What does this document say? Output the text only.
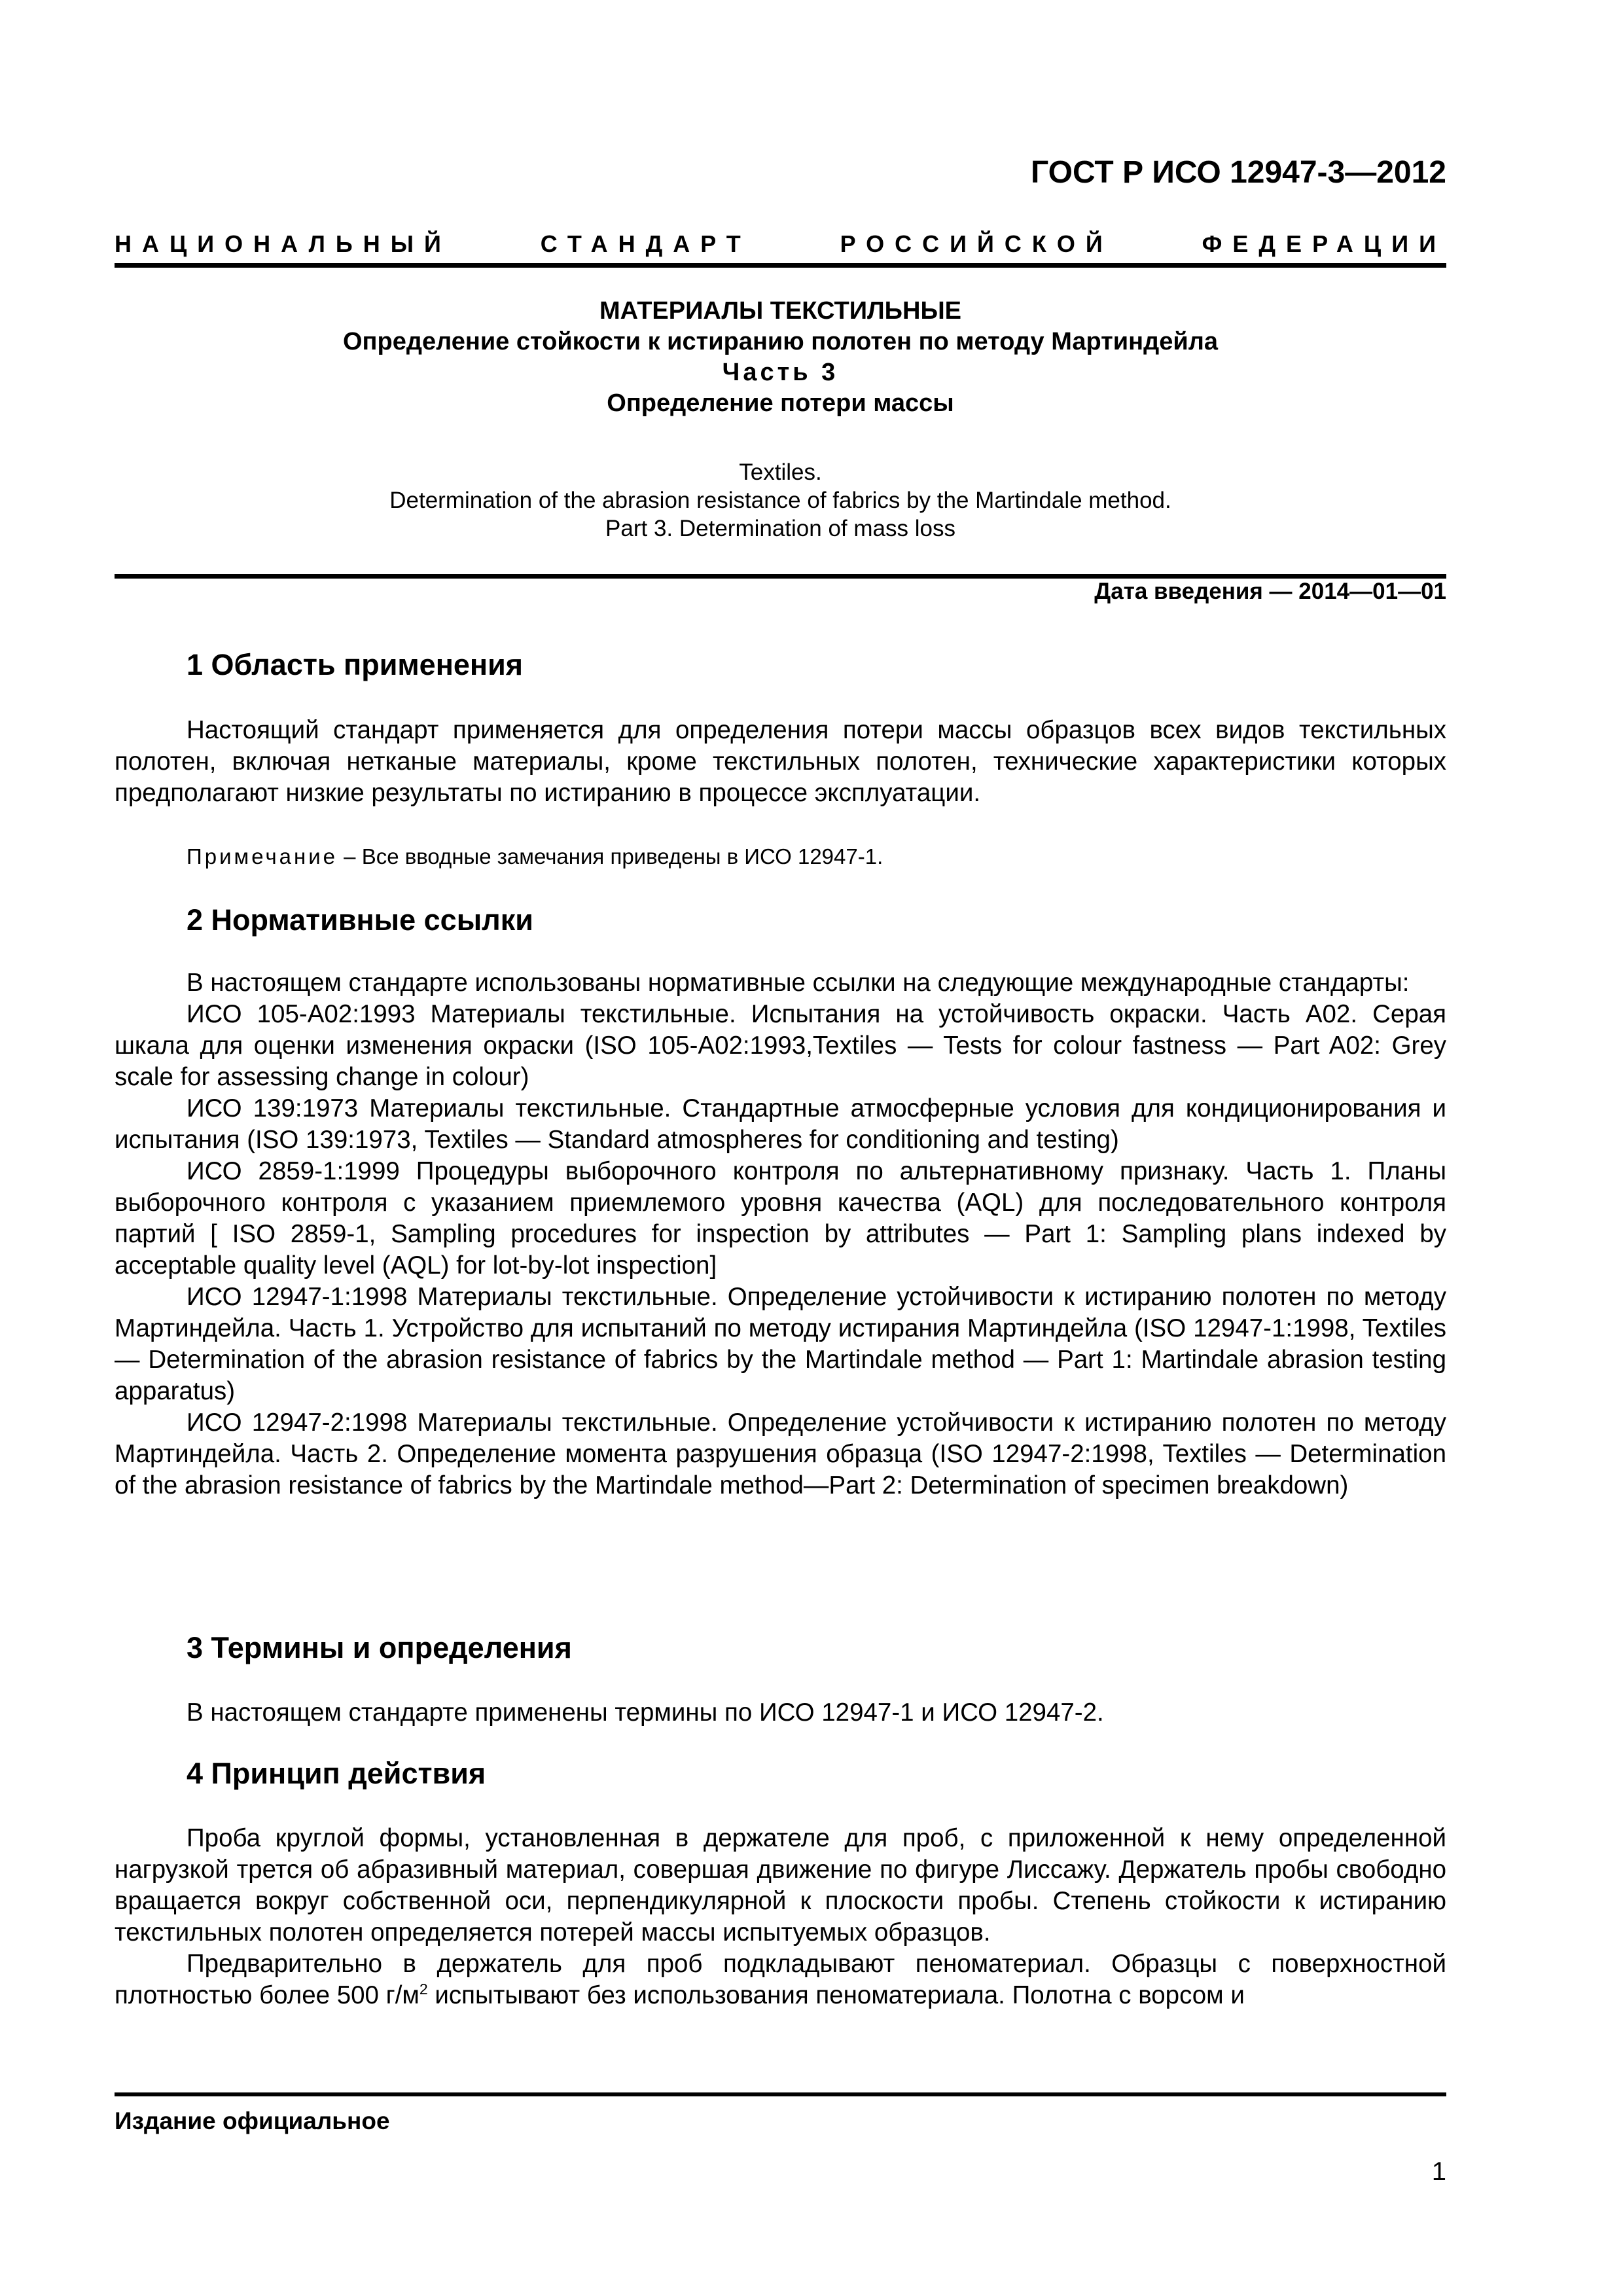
ГОСТ Р ИСО 12947-3—2012
НАЦИОНАЛЬНЫЙ	СТАНДАРТ	РОССИЙСКОЙ	ФЕДЕРАЦИИ
МАТЕРИАЛЫ ТЕКСТИЛЬНЫЕ
Определение стойкости к истиранию полотен по методу Мартиндейла
Часть 3
Определение потери массы
Textiles.
Determination of the abrasion resistance of fabrics by the Martindale method.
Part 3. Determination of mass loss
Дата введения — 2014—01—01
1 Область применения
Настоящий стандарт применяется для определения потери массы образцов всех видов текстильных полотен, включая нетканые материалы, кроме текстильных полотен, технические характеристики которых предполагают низкие результаты по истиранию в процессе эксплуатации.
Примечание – Все вводные замечания приведены в ИСО 12947-1.
2 Нормативные ссылки
В настоящем стандарте использованы нормативные ссылки на следующие международные стандарты:
ИСО 105-А02:1993 Материалы текстильные. Испытания на устойчивость окраски. Часть А02. Серая шкала для оценки изменения окраски (ISO 105-A02:1993,Textiles — Tests for colour fastness — Part A02: Grey scale for assessing change in colour)
ИСО 139:1973 Материалы текстильные. Стандартные атмосферные условия для кондиционирования и испытания (ISO 139:1973, Textiles — Standard atmospheres for conditioning and testing)
ИСО 2859-1:1999 Процедуры выборочного контроля по альтернативному признаку. Часть 1. Планы выборочного контроля с указанием приемлемого уровня качества (AQL) для последовательного контроля партий [ ISO 2859-1, Sampling procedures for inspection by attributes — Part 1: Sampling plans indexed by acceptable quality level (AQL) for lot-by-lot inspection]
ИСО 12947-1:1998 Материалы текстильные. Определение устойчивости к истиранию полотен по методу Мартиндейла. Часть 1. Устройство для испытаний по методу истирания Мартиндейла (ISO 12947-1:1998, Textiles — Determination of the abrasion resistance of fabrics by the Martindale method — Part 1: Martindale abrasion testing apparatus)
ИСО 12947-2:1998 Материалы текстильные. Определение устойчивости к истиранию полотен по методу Мартиндейла. Часть 2. Определение момента разрушения образца (ISO 12947-2:1998, Textiles — Determination of the abrasion resistance of fabrics by the Martindale method—Part 2: Determination of specimen breakdown)
3 Термины и определения
В настоящем стандарте применены термины по ИСО 12947-1 и ИСО 12947-2.
4 Принцип действия
Проба круглой формы, установленная в держателе для проб, с приложенной к нему определенной нагрузкой трется об абразивный материал, совершая движение по фигуре Лиссажу. Держатель пробы свободно вращается вокруг собственной оси, перпендикулярной к плоскости пробы. Степень стойкости к истиранию текстильных полотен определяется потерей массы испытуемых образцов.
Предварительно в держатель для проб подкладывают пеноматериал. Образцы с поверхностной плотностью более 500 $г/м^2$ испытывают без использования пеноматериала. Полотна с ворсом и
Издание официальное
1
